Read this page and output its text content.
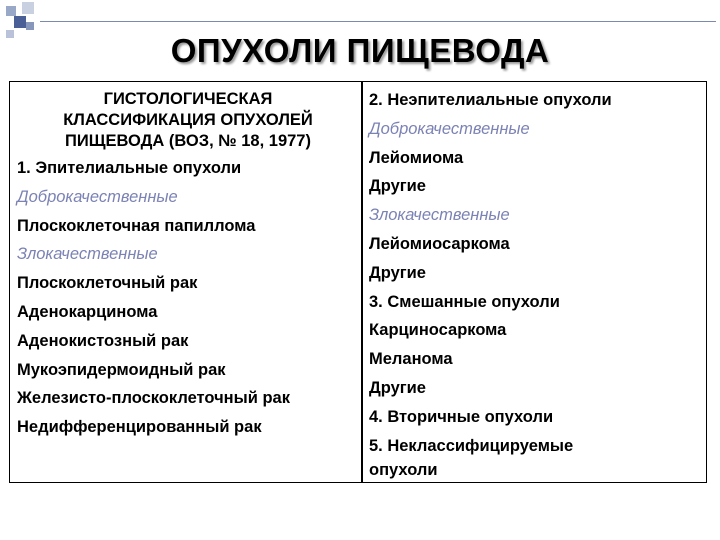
ОПУХОЛИ ПИЩЕВОДА
ГИСТОЛОГИЧЕСКАЯ
КЛАССИФИКАЦИЯ ОПУХОЛЕЙ
ПИЩЕВОДА (ВОЗ, № 18, 1977)
1. Эпителиальные опухоли
Доброкачественные
Плоскоклеточная папиллома
Злокачественные
Плоскоклеточный рак
Аденокарцинома
Аденокистозный рак
Мукоэпидермоидный рак
Железисто-плоскоклеточный рак
Недифференцированный рак
2. Неэпителиальные опухоли
Доброкачественные
Лейомиома
Другие
Злокачественные
Лейомиосаркома
Другие
3. Смешанные опухоли
Карциносаркома
Меланома
Другие
4. Вторичные опухоли
5. Неклассифицируемые
опухоли
